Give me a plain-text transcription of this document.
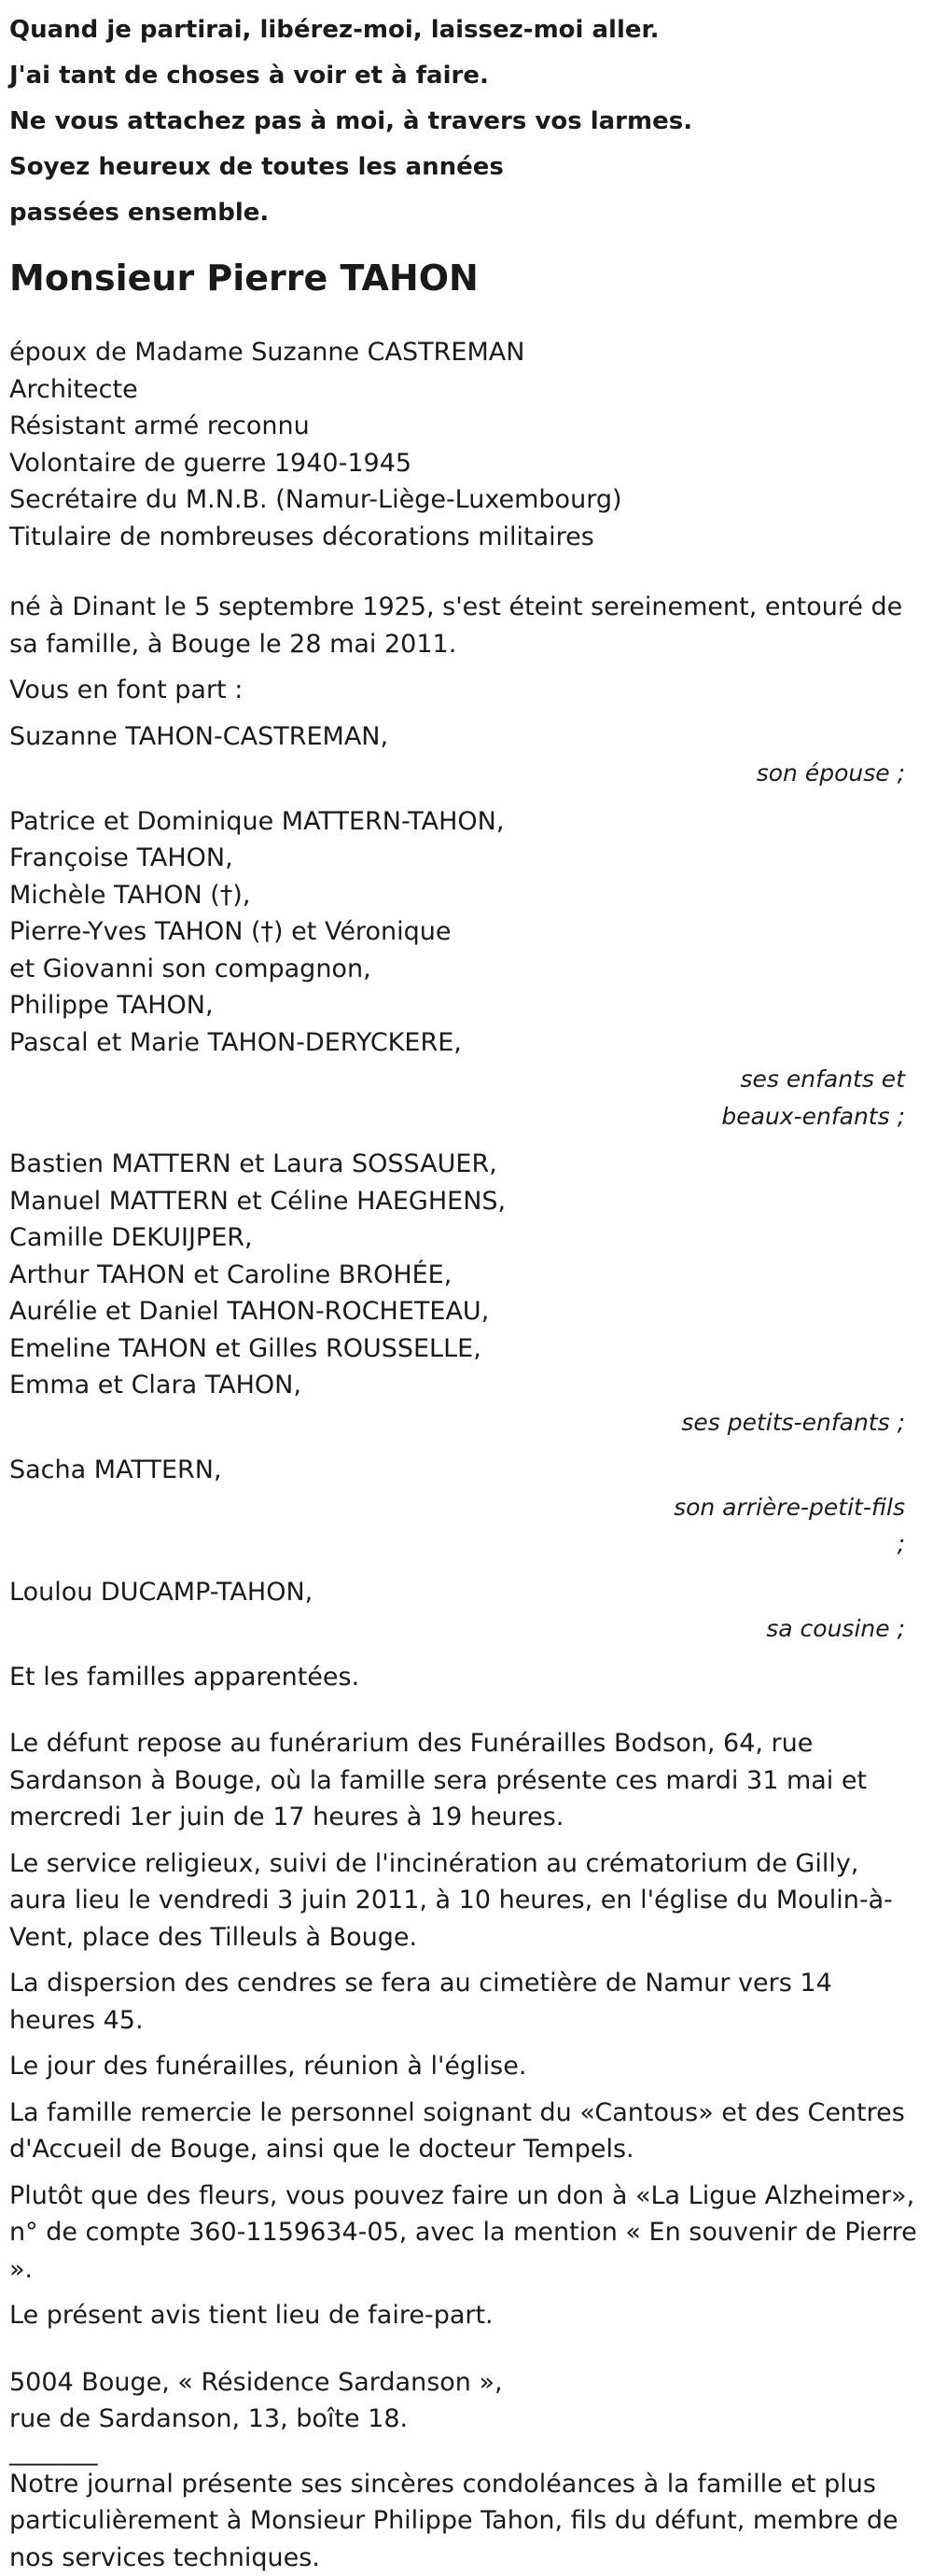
Quand je partirai, libérez-moi, laissez-moi aller.
J'ai tant de choses à voir et à faire.
Ne vous attachez pas à moi, à travers vos larmes.
Soyez heureux de toutes les années
passées ensemble.
Monsieur Pierre TAHON
époux de Madame Suzanne CASTREMAN
Architecte
Résistant armé reconnu
Volontaire de guerre 1940-1945
Secrétaire du M.N.B. (Namur-Liège-Luxembourg)
Titulaire de nombreuses décorations militaires
né à Dinant le 5 septembre 1925, s'est éteint sereinement, entouré de sa famille, à Bouge le 28 mai 2011.
Vous en font part :
Suzanne TAHON-CASTREMAN,
son épouse ;
Patrice et Dominique MATTERN-TAHON,
Françoise TAHON,
Michèle TAHON (†),
Pierre-Yves TAHON (†) et Véronique
et Giovanni son compagnon,
Philippe TAHON,
Pascal et Marie TAHON-DERYCKERE,
ses enfants et
beaux-enfants ;
Bastien MATTERN et Laura SOSSAUER,
Manuel MATTERN et Céline HAEGHENS,
Camille DEKUIJPER,
Arthur TAHON et Caroline BROHÉE,
Aurélie et Daniel TAHON-ROCHETEAU,
Emeline TAHON et Gilles ROUSSELLE,
Emma et Clara TAHON,
ses petits-enfants ;
Sacha MATTERN,
son arrière-petit-fils
;
Loulou DUCAMP-TAHON,
sa cousine ;
Et les familles apparentées.
Le défunt repose au funérarium des Funérailles Bodson, 64, rue Sardanson à Bouge, où la famille sera présente ces mardi 31 mai et mercredi 1er juin de 17 heures à 19 heures.
Le service religieux, suivi de l'incinération au crématorium de Gilly, aura lieu le vendredi 3 juin 2011, à 10 heures, en l'église du Moulin-à-Vent, place des Tilleuls à Bouge.
La dispersion des cendres se fera au cimetière de Namur vers 14 heures 45.
Le jour des funérailles, réunion à l'église.
La famille remercie le personnel soignant du «Cantous» et des Centres d'Accueil de Bouge, ainsi que le docteur Tempels.
Plutôt que des fleurs, vous pouvez faire un don à «La Ligue Alzheimer», n° de compte 360-1159634-05, avec la mention « En souvenir de Pierre ».
Le présent avis tient lieu de faire-part.
5004 Bouge, « Résidence Sardanson »,
rue de Sardanson, 13, boîte 18.
_______
Notre journal présente ses sincères condoléances à la famille et plus particulièrement à Monsieur Philippe Tahon, fils du défunt, membre de nos services techniques.
